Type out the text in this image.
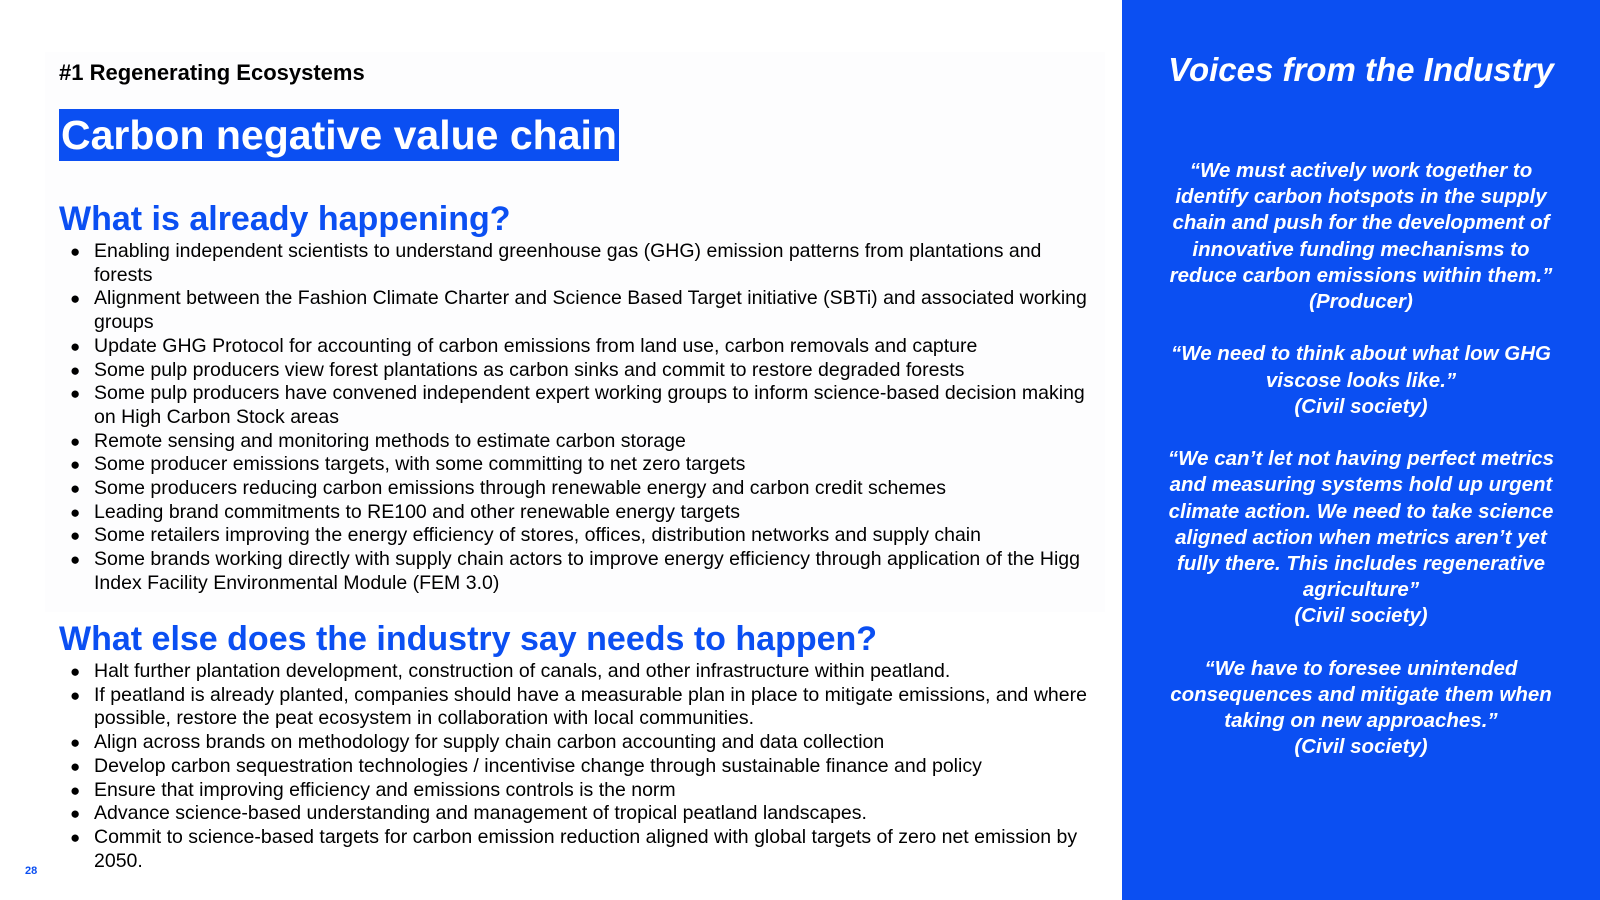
#1 Regenerating Ecosystems

Carbon negative value chain
What is already happening?
● Enabling independent scientists to understand greenhouse gas (GHG) emission patterns from plantations and forests
● Alignment between the Fashion Climate Charter and Science Based Target initiative (SBTi) and associated working groups
● Update GHG Protocol for accounting of carbon emissions from land use, carbon removals and capture
● Some pulp producers view forest plantations as carbon sinks and commit to restore degraded forests
● Some pulp producers have convened independent expert working groups to inform science-based decision making on High Carbon Stock areas
● Remote sensing and monitoring methods to estimate carbon storage
● Some producer emissions targets, with some committing to net zero targets
● Some producers reducing carbon emissions through renewable energy and carbon credit schemes
● Leading brand commitments to RE100 and other renewable energy targets
● Some retailers improving the energy efficiency of stores, offices, distribution networks and supply chain
● Some brands working directly with supply chain actors to improve energy efficiency through application of the Higg Index Facility Environmental Module (FEM 3.0)
What else does the industry say needs to happen?
● Halt further plantation development, construction of canals, and other infrastructure within peatland.
● If peatland is already planted, companies should have a measurable plan in place to mitigate emissions, and where possible, restore the peat ecosystem in collaboration with local communities.
● Align across brands on methodology for supply chain carbon accounting and data collection
● Develop carbon sequestration technologies / incentivise change through sustainable finance and policy
● Ensure that improving efficiency and emissions controls is the norm
● Advance science-based understanding and management of tropical peatland landscapes.
● Commit to science-based targets for carbon emission reduction aligned with global targets of zero net emission by 2050.
28
Voices from the Industry

“We must actively work together to identify carbon hotspots in the supply chain and push for the development of innovative funding mechanisms to reduce carbon emissions within them.”
(Producer)

“We need to think about what low GHG viscose looks like.”
(Civil society)

“We can’t let not having perfect metrics and measuring systems hold up urgent climate action. We need to take science aligned action when metrics aren’t yet fully there. This includes regenerative agriculture”
(Civil society)

“We have to foresee unintended consequences and mitigate them when taking on new approaches.”
(Civil society)
